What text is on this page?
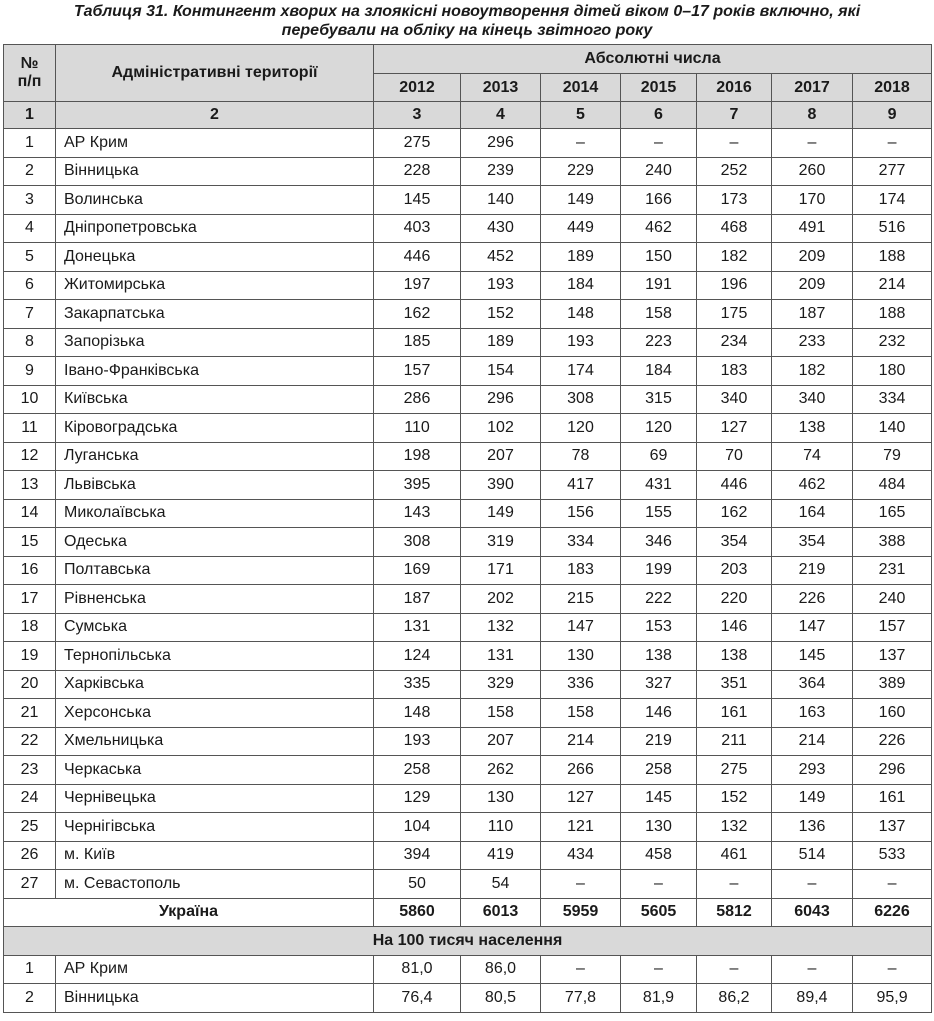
Таблиця 31. Контингент хворих на злоякісні новоутворення дітей віком 0–17 років включно, які
перебували на обліку на кінець звітного року
№
п/п	Адміністративні території	Абсолютні числа						
		2012	2013	2014	2015	2016	2017	2018
1	2	3	4	5	6	7	8	9
1	АР Крим	275	296	–	–	–	–	–
2	Вінницька	228	239	229	240	252	260	277
3	Волинська	145	140	149	166	173	170	174
4	Дніпропетровська	403	430	449	462	468	491	516
5	Донецька	446	452	189	150	182	209	188
6	Житомирська	197	193	184	191	196	209	214
7	Закарпатська	162	152	148	158	175	187	188
8	Запорізька	185	189	193	223	234	233	232
9	Івано-Франківська	157	154	174	184	183	182	180
10	Київська	286	296	308	315	340	340	334
11	Кіровоградська	110	102	120	120	127	138	140
12	Луганська	198	207	78	69	70	74	79
13	Львівська	395	390	417	431	446	462	484
14	Миколаївська	143	149	156	155	162	164	165
15	Одеська	308	319	334	346	354	354	388
16	Полтавська	169	171	183	199	203	219	231
17	Рівненська	187	202	215	222	220	226	240
18	Сумська	131	132	147	153	146	147	157
19	Тернопільська	124	131	130	138	138	145	137
20	Харківська	335	329	336	327	351	364	389
21	Херсонська	148	158	158	146	161	163	160
22	Хмельницька	193	207	214	219	211	214	226
23	Черкаська	258	262	266	258	275	293	296
24	Чернівецька	129	130	127	145	152	149	161
25	Чернігівська	104	110	121	130	132	136	137
26	м. Київ	394	419	434	458	461	514	533
27	м. Севастополь	50	54	–	–	–	–	–
Україна		5860	6013	5959	5605	5812	6043	6226
На 100 тисяч населення								
1	АР Крим	81,0	86,0	–	–	–	–	–
2	Вінницька	76,4	80,5	77,8	81,9	86,2	89,4	95,9
